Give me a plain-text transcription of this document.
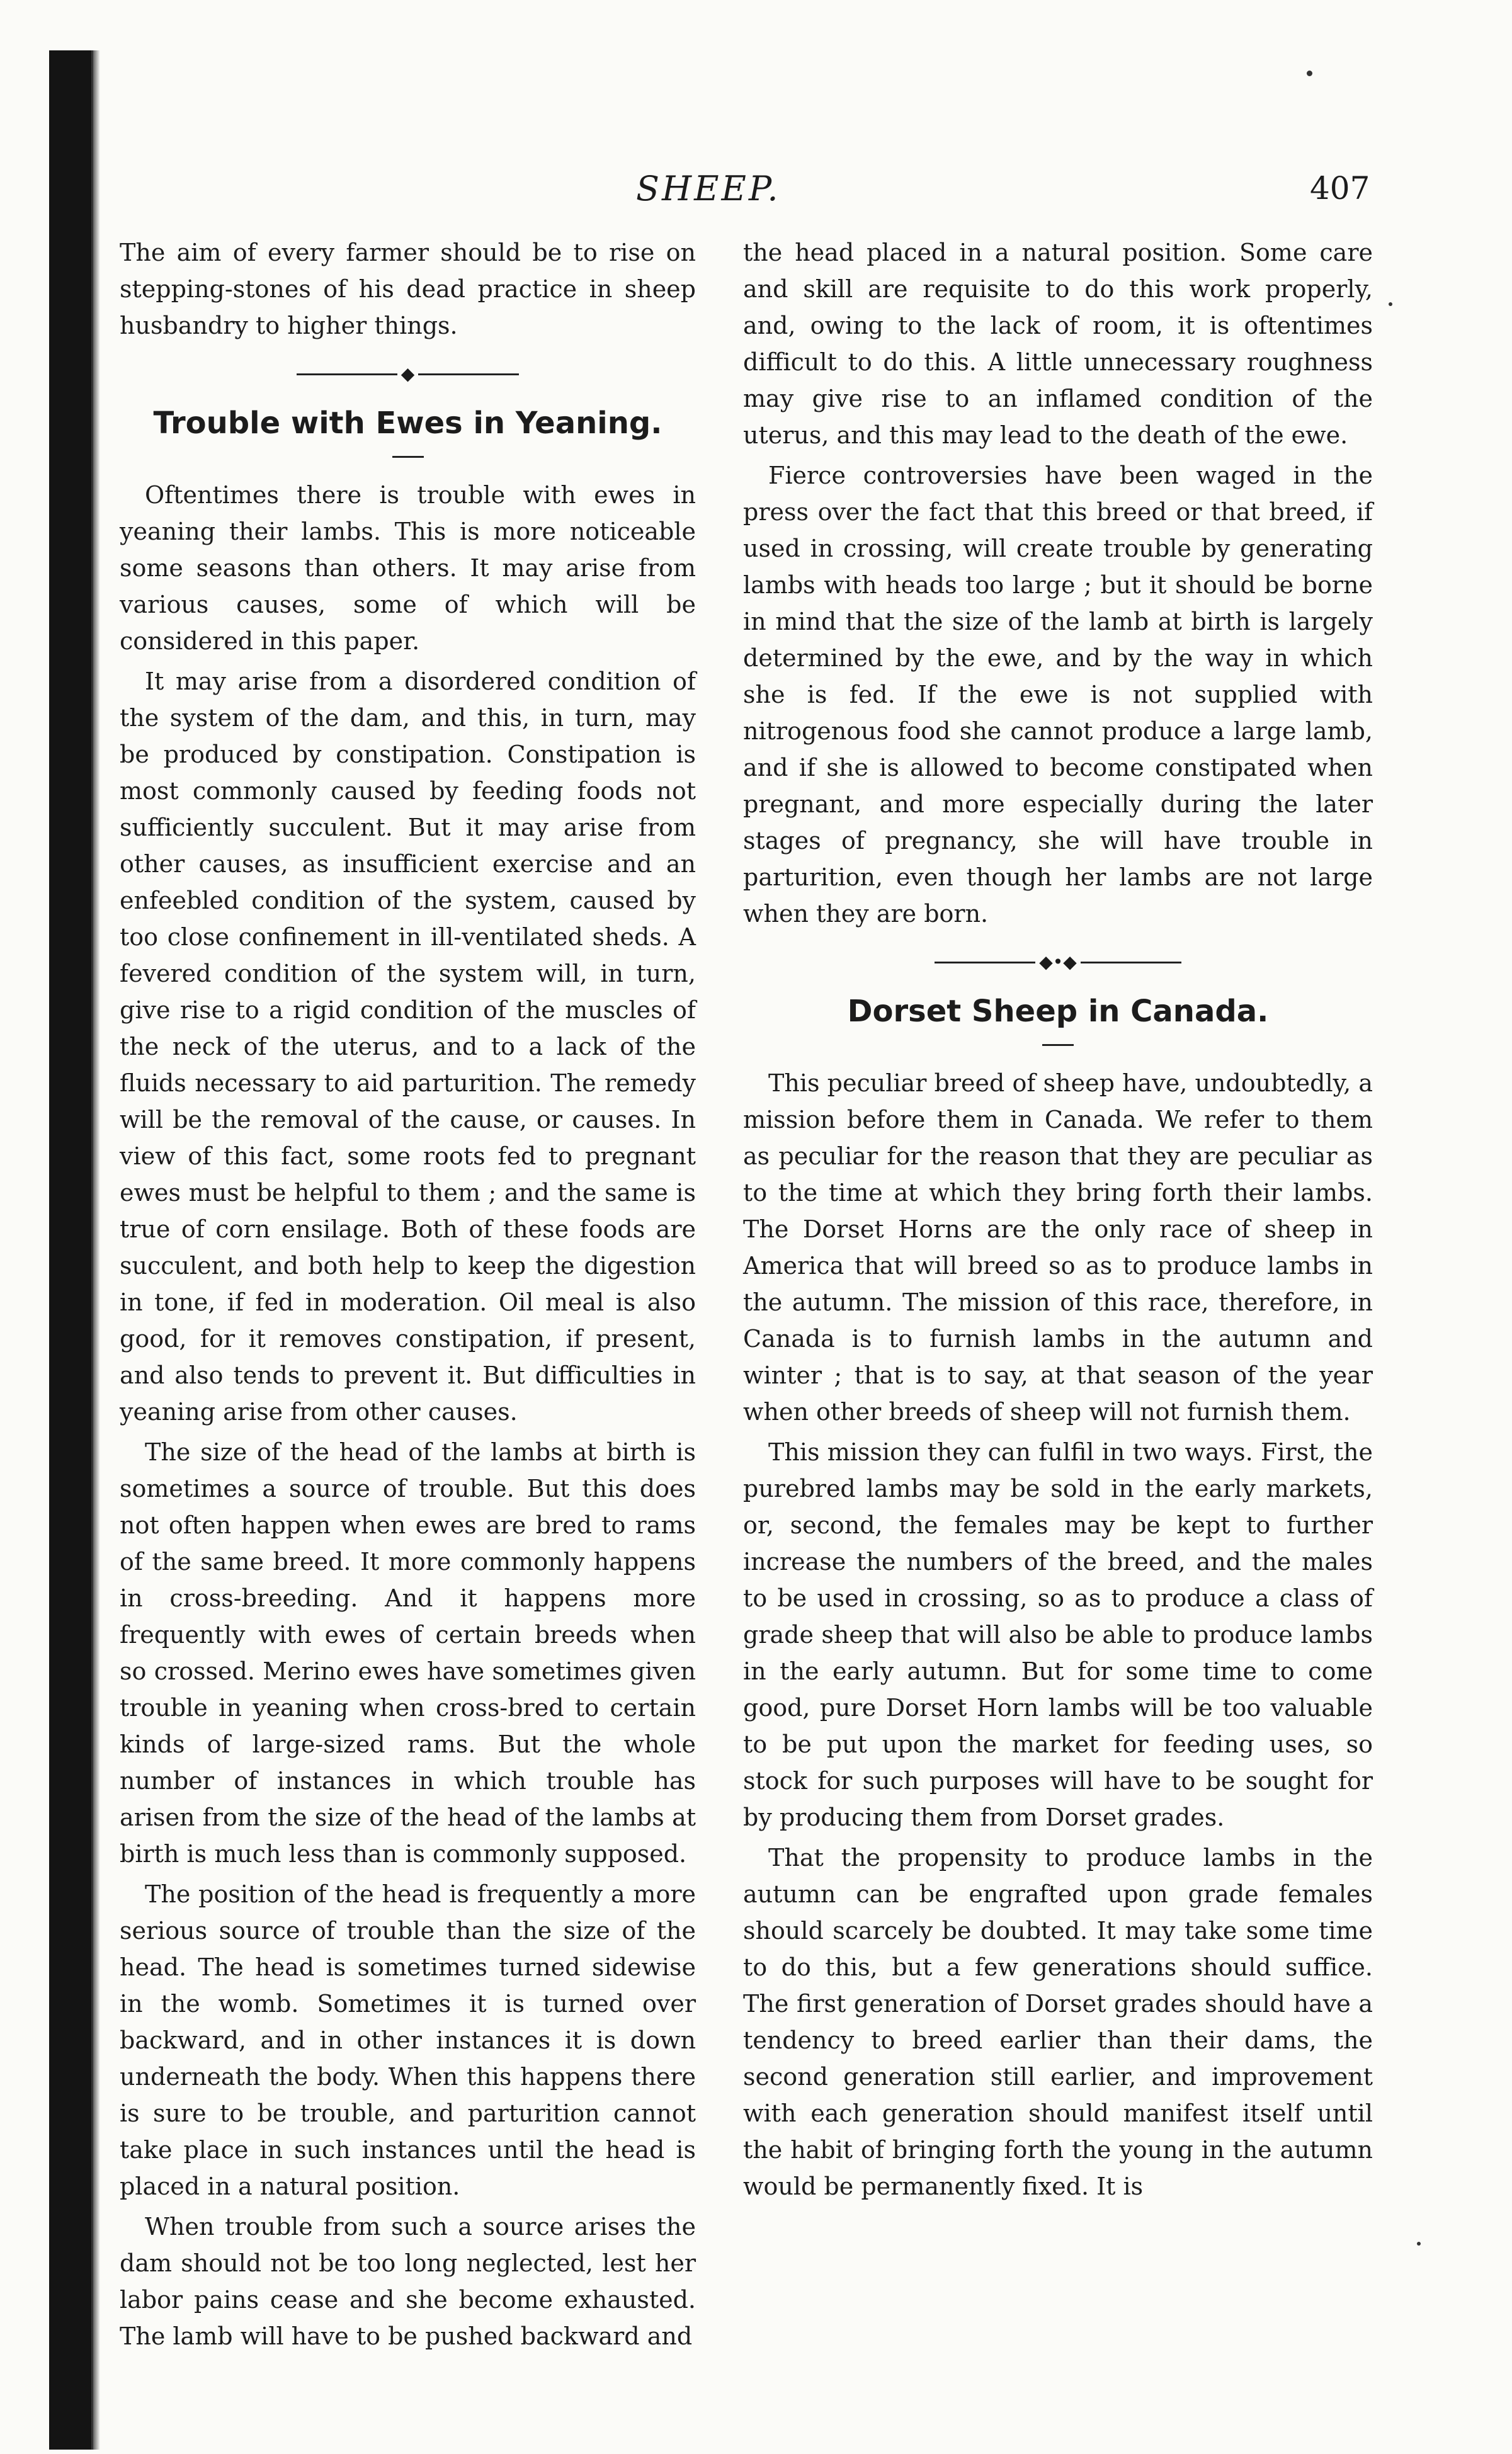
SHEEP.	407

The aim of every farmer should be to rise on stepping-stones of his dead practice in sheep husbandry to higher things.

◆
Trouble with Ewes in Yeaning.

Oftentimes there is trouble with ewes in yeaning their lambs. This is more noticeable some seasons than others. It may arise from various causes, some of which will be considered in this paper.

It may arise from a disordered condition of the system of the dam, and this, in turn, may be produced by constipation. Constipation is most commonly caused by feeding foods not sufficiently succulent. But it may arise from other causes, as insufficient exercise and an enfeebled condition of the system, caused by too close confinement in ill-ventilated sheds. A fevered condition of the system will, in turn, give rise to a rigid condition of the muscles of the neck of the uterus, and to a lack of the fluids necessary to aid parturition. The remedy will be the removal of the cause, or causes. In view of this fact, some roots fed to pregnant ewes must be helpful to them ; and the same is true of corn ensilage. Both of these foods are succulent, and both help to keep the digestion in tone, if fed in moderation. Oil meal is also good, for it removes constipation, if present, and also tends to prevent it. But difficulties in yeaning arise from other causes.

The size of the head of the lambs at birth is sometimes a source of trouble. But this does not often happen when ewes are bred to rams of the same breed. It more commonly happens in cross-breeding. And it happens more frequently with ewes of certain breeds when so crossed. Merino ewes have sometimes given trouble in yeaning when cross-bred to certain kinds of large-sized rams. But the whole number of instances in which trouble has arisen from the size of the head of the lambs at birth is much less than is commonly supposed.

The position of the head is frequently a more serious source of trouble than the size of the head. The head is sometimes turned sidewise in the womb. Sometimes it is turned over backward, and in other instances it is down underneath the body. When this happens there is sure to be trouble, and parturition cannot take place in such instances until the head is placed in a natural position.

When trouble from such a source arises the dam should not be too long neglected, lest her labor pains cease and she become exhausted. The lamb will have to be pushed backward and

the head placed in a natural position. Some care and skill are requisite to do this work properly, and, owing to the lack of room, it is oftentimes difficult to do this. A little unnecessary roughness may give rise to an inflamed condition of the uterus, and this may lead to the death of the ewe.

Fierce controversies have been waged in the press over the fact that this breed or that breed, if used in crossing, will create trouble by generating lambs with heads too large ; but it should be borne in mind that the size of the lamb at birth is largely determined by the ewe, and by the way in which she is fed. If the ewe is not supplied with nitrogenous food she cannot produce a large lamb, and if she is allowed to become constipated when pregnant, and more especially during the later stages of pregnancy, she will have trouble in parturition, even though her lambs are not large when they are born.

◆•◆
Dorset Sheep in Canada.

This peculiar breed of sheep have, undoubtedly, a mission before them in Canada. We refer to them as peculiar for the reason that they are peculiar as to the time at which they bring forth their lambs. The Dorset Horns are the only race of sheep in America that will breed so as to produce lambs in the autumn. The mission of this race, therefore, in Canada is to furnish lambs in the autumn and winter ; that is to say, at that season of the year when other breeds of sheep will not furnish them.

This mission they can fulfil in two ways. First, the purebred lambs may be sold in the early markets, or, second, the females may be kept to further increase the numbers of the breed, and the males to be used in crossing, so as to produce a class of grade sheep that will also be able to produce lambs in the early autumn. But for some time to come good, pure Dorset Horn lambs will be too valuable to be put upon the market for feeding uses, so stock for such purposes will have to be sought for by producing them from Dorset grades.

That the propensity to produce lambs in the autumn can be engrafted upon grade females should scarcely be doubted. It may take some time to do this, but a few generations should suffice. The first generation of Dorset grades should have a tendency to breed earlier than their dams, the second generation still earlier, and improvement with each generation should manifest itself until the habit of bringing forth the young in the autumn would be permanently fixed. It is
